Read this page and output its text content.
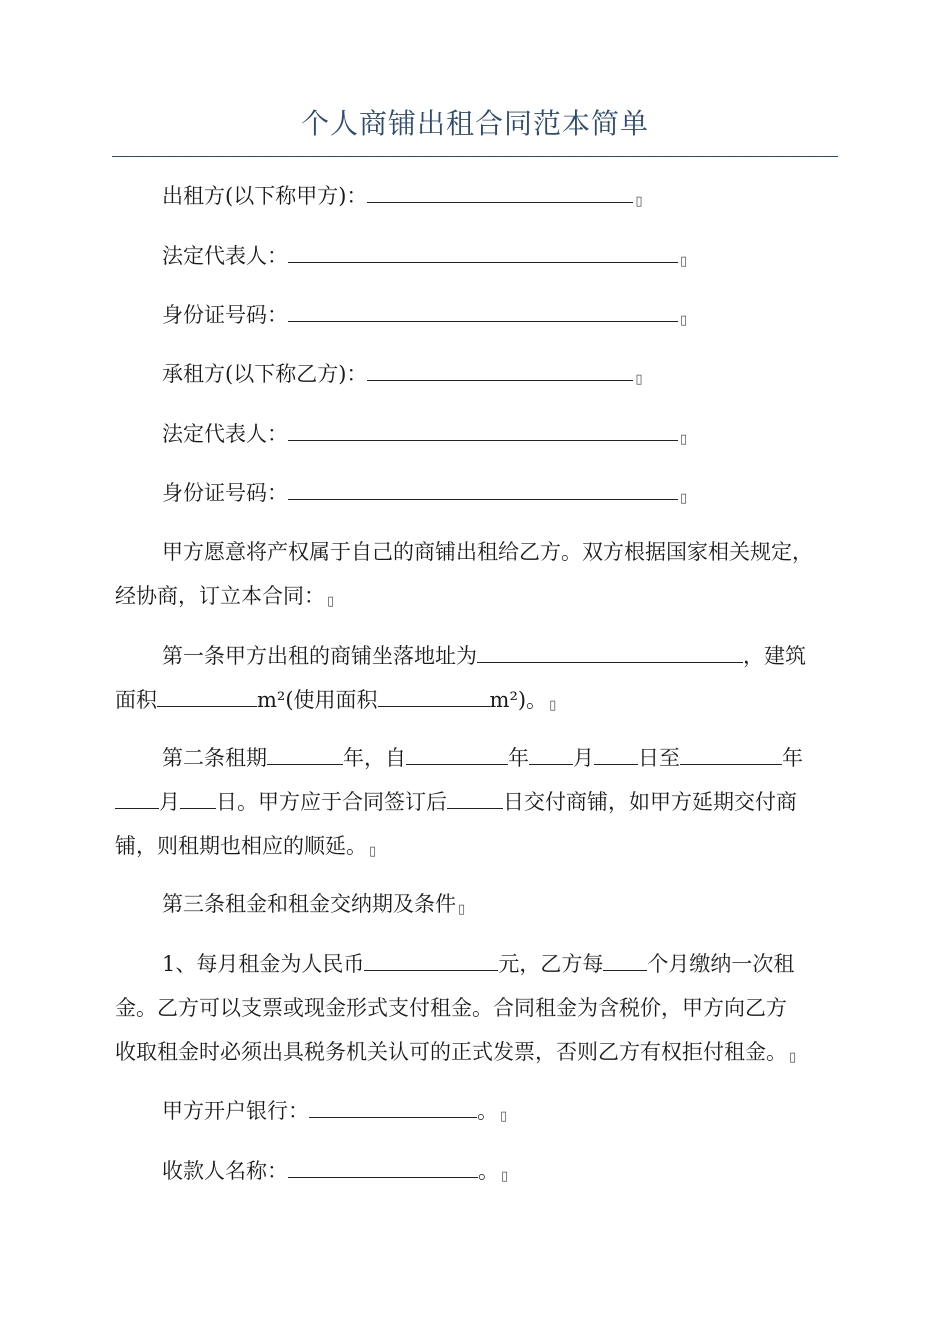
个人商铺出租合同范本简单
出租方(以下称甲方)：	▯
法定代表人：	▯
身份证号码：	▯
承租方(以下称乙方)：	▯
法定代表人：	▯
身份证号码：	▯
甲方愿意将产权属于自己的商铺出租给乙方。双方根据国家相关规定，
经协商，订立本合同： ▯
第一条甲方出租的商铺坐落地址为	，建筑
面积	m²(使用面积	m²)。 ▯
第二条租期	年，自	年 月 日至	年
月 日。甲方应于合同签订后	日交付商铺，如甲方延期交付商
铺，则租期也相应的顺延。 ▯
第三条租金和租金交纳期及条件 ▯
1、每月租金为人民币	元，乙方每 个月缴纳一次租
金。乙方可以支票或现金形式支付租金。合同租金为含税价，甲方向乙方
收取租金时必须出具税务机关认可的正式发票，否则乙方有权拒付租金。 ▯
甲方开户银行：	。 ▯
收款人名称：	。 ▯
